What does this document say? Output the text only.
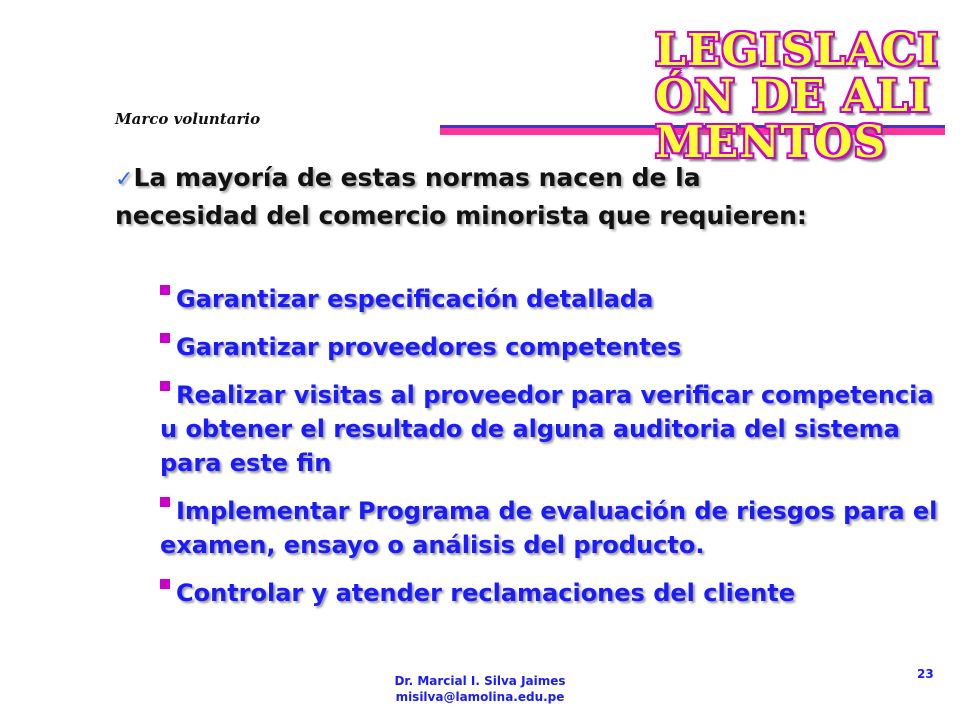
LEGISLACIÓN DE ALIMENTOS
Marco voluntario
✓La mayoría de estas normas nacen de la necesidad del comercio minorista que requieren:
Garantizar especificación detallada
Garantizar proveedores competentes
Realizar visitas al proveedor para verificar competencia u obtener el resultado de alguna auditoria del sistema para este fin
Implementar Programa de evaluación de riesgos para el examen, ensayo o análisis del producto.
Controlar y atender reclamaciones del cliente
Dr. Marcial I. Silva Jaimes
misilva@lamolina.edu.pe
23
